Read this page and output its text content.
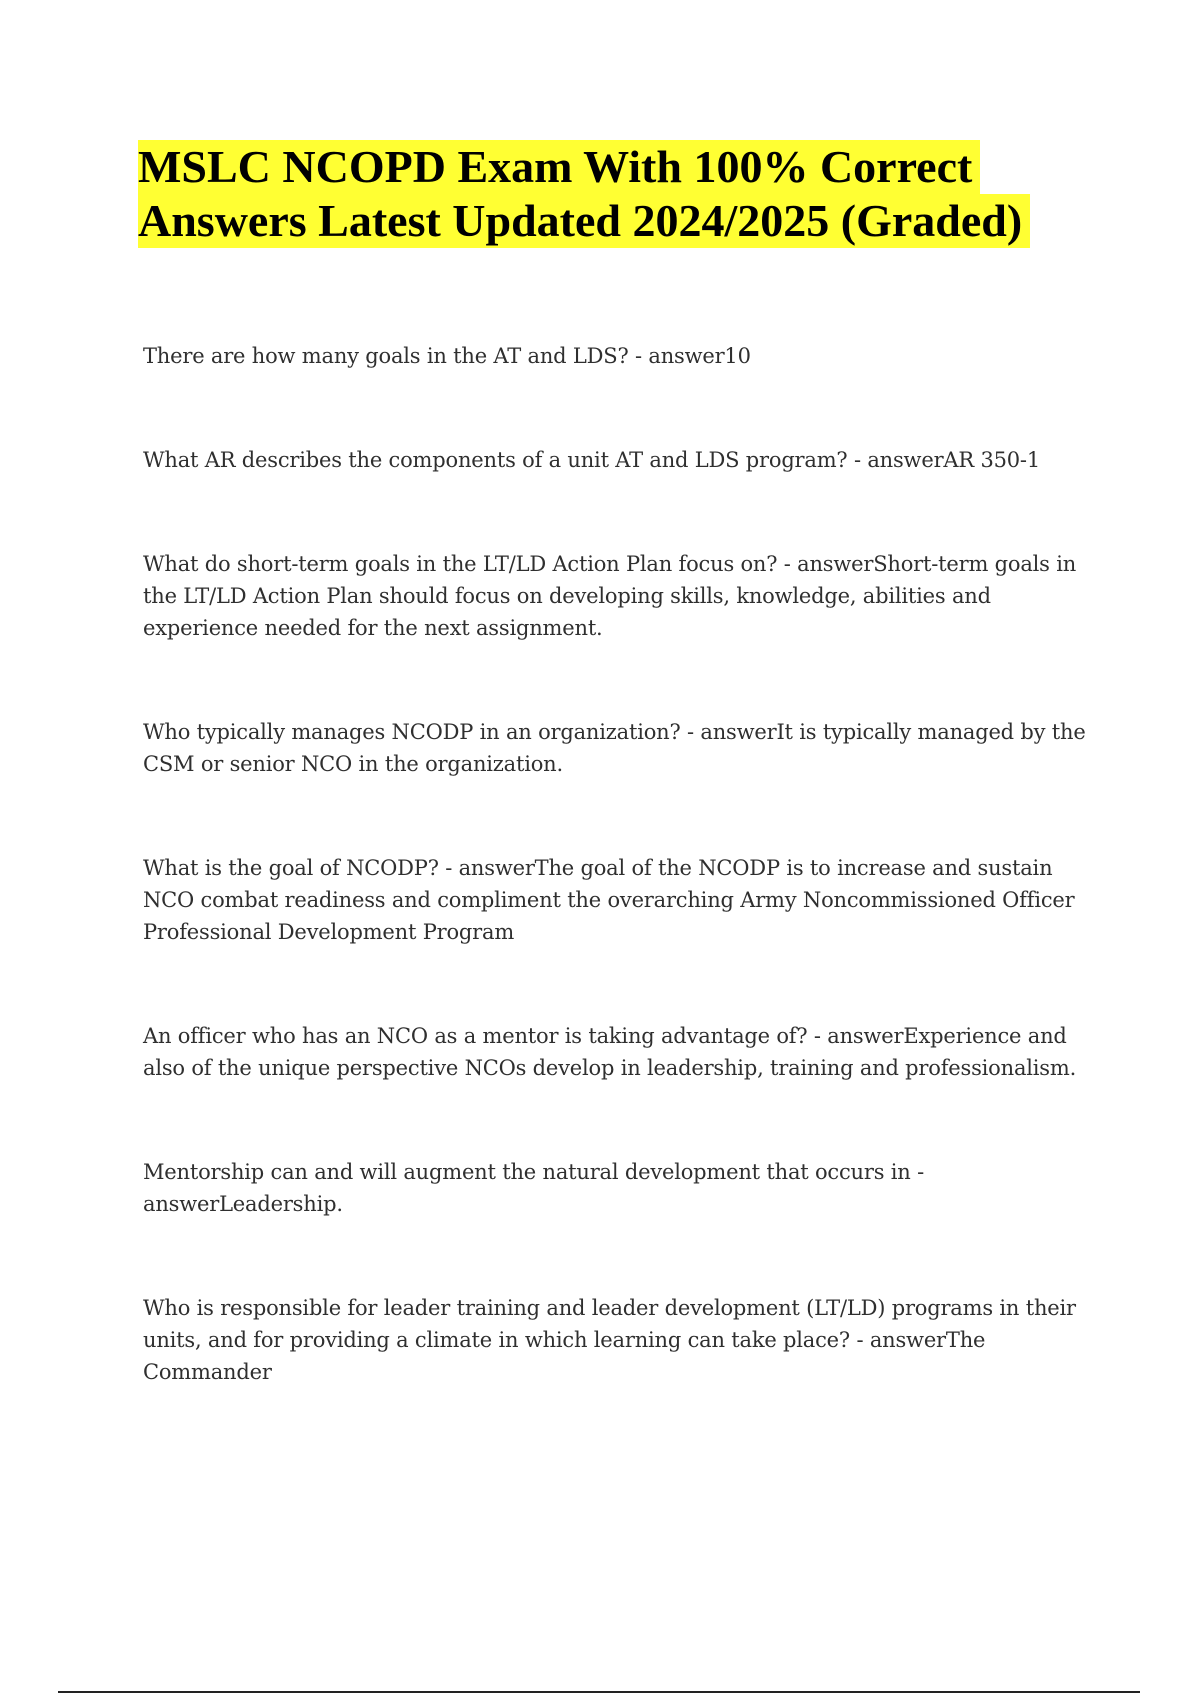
MSLC NCOPD Exam With 100% Correct
Answers Latest Updated 2024/2025 (Graded)
There are how many goals in the AT and LDS? - answer10
What AR describes the components of a unit AT and LDS program? - answerAR 350-1
What do short-term goals in the LT/LD Action Plan focus on? - answerShort-term goals in the LT/LD Action Plan should focus on developing skills, knowledge, abilities and experience needed for the next assignment.
Who typically manages NCODP in an organization? - answerIt is typically managed by the CSM or senior NCO in the organization.
What is the goal of NCODP? - answerThe goal of the NCODP is to increase and sustain NCO combat readiness and compliment the overarching Army Noncommissioned Officer Professional Development Program
An officer who has an NCO as a mentor is taking advantage of? - answerExperience and also of the unique perspective NCOs develop in leadership, training and professionalism.
Mentorship can and will augment the natural development that occurs in - answerLeadership.
Who is responsible for leader training and leader development (LT/LD) programs in their units, and for providing a climate in which learning can take place? - answerThe Commander
